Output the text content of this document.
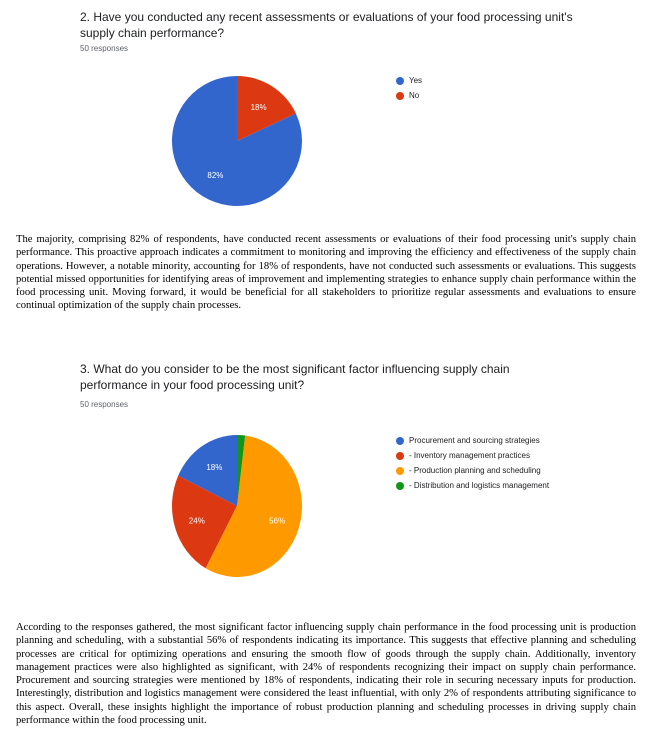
2. Have you conducted any recent assessments or evaluations of your food processing unit's supply chain performance?
50 responses
82%
18%
Yes
No

The majority, comprising 82% of respondents, have conducted recent assessments or evaluations of their food processing unit's supply chain performance. This proactive approach indicates a commitment to monitoring and improving the efficiency and effectiveness of the supply chain operations. However, a notable minority, accounting for 18% of respondents, have not conducted such assessments or evaluations. This suggests potential missed opportunities for identifying areas of improvement and implementing strategies to enhance supply chain performance within the food processing unit. Moving forward, it would be beneficial for all stakeholders to prioritize regular assessments and evaluations to ensure continual optimization of the supply chain processes.

3. What do you consider to be the most significant factor influencing supply chain performance in your food processing unit?
50 responses
18%
24%	56%
Procurement and sourcing strategies
- Inventory management practices
- Production planning and scheduling
- Distribution and logistics management

According to the responses gathered, the most significant factor influencing supply chain performance in the food processing unit is production planning and scheduling, with a substantial 56% of respondents indicating its importance. This suggests that effective planning and scheduling processes are critical for optimizing operations and ensuring the smooth flow of goods through the supply chain. Additionally, inventory management practices were also highlighted as significant, with 24% of respondents recognizing their impact on supply chain performance. Procurement and sourcing strategies were mentioned by 18% of respondents, indicating their role in securing necessary inputs for production. Interestingly, distribution and logistics management were considered the least influential, with only 2% of respondents attributing significance to this aspect. Overall, these insights highlight the importance of robust production planning and scheduling processes in driving supply chain performance within the food processing unit.
